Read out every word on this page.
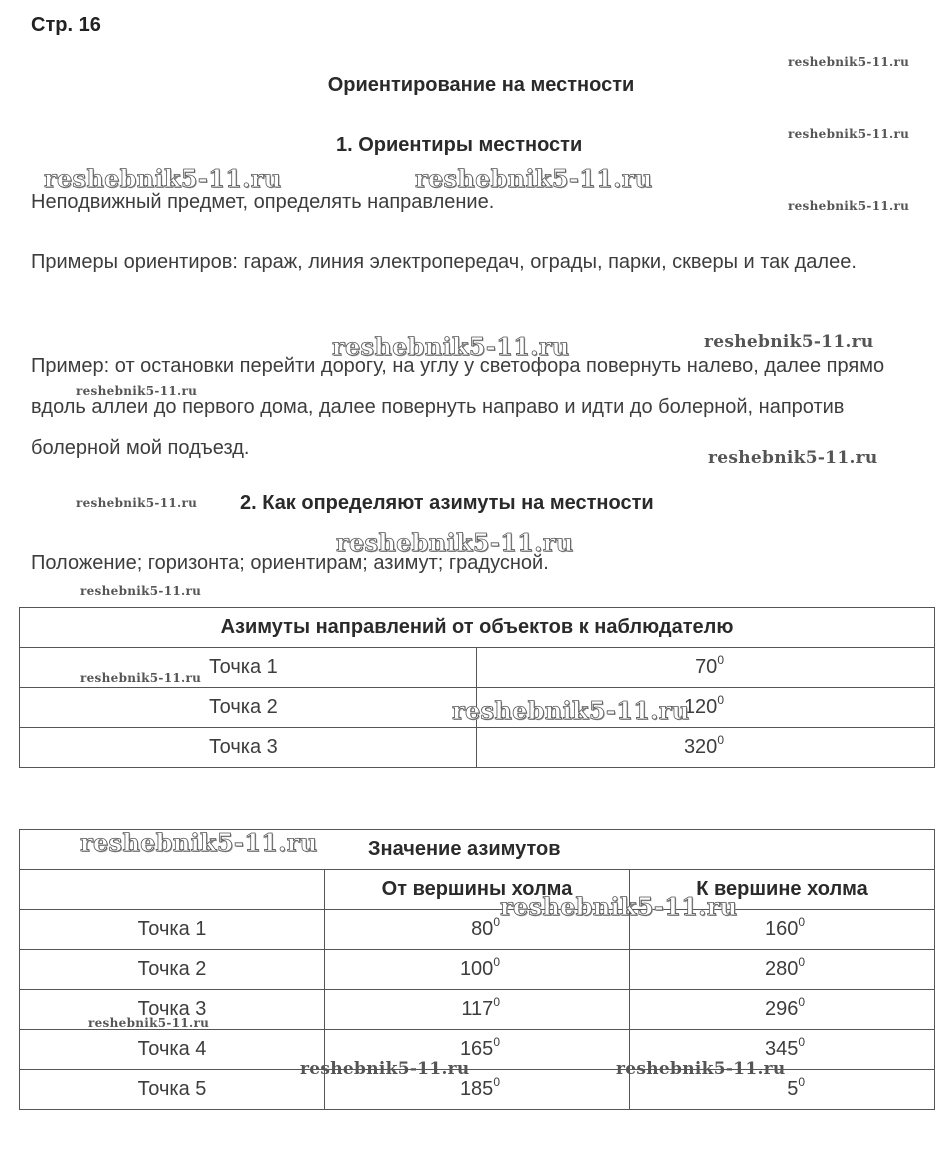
Стр. 16
Ориентирование на местности
1. Ориентиры местности
Неподвижный предмет, определять направление.
Примеры ориентиров: гараж, линия электропередач, ограды, парки, скверы и так далее.
Пример: от остановки перейти дорогу, на углу у светофора повернуть налево, далее прямо вдоль аллеи до первого дома, далее повернуть направо и идти до болерной, напротив болерной мой подъезд.
2. Как определяют азимуты на местности
Положение; горизонта; ориентирам; азимут; градусной.
Азимуты направлений от объектов к наблюдателю	
Точка 1	$70^0$
Точка 2	$120^0$
Точка 3	$320^0$
Значение азимутов		
	От вершины холма	К вершине холма
Точка 1	$80^0$	$160^0$
Точка 2	$100^0$	$280^0$
Точка 3	$117^0$	$296^0$
Точка 4	$165^0$	$345^0$
Точка 5	$185^0$	$5^0$
reshebnik5-11.ru
reshebnik5-11.ru
reshebnik5-11.ru
reshebnik5-11.ru	reshebnik5-11.ru
reshebnik5-11.ru	reshebnik5-11.ru
reshebnik5-11.ru
reshebnik5-11.ru
reshebnik5-11.ru
reshebnik5-11.ru
reshebnik5-11.ru
reshebnik5-11.ru
reshebnik5-11.ru
reshebnik5-11.ru
reshebnik5-11.ru
reshebnik5-11.ru
reshebnik5-11.ru	reshebnik5-11.ru
